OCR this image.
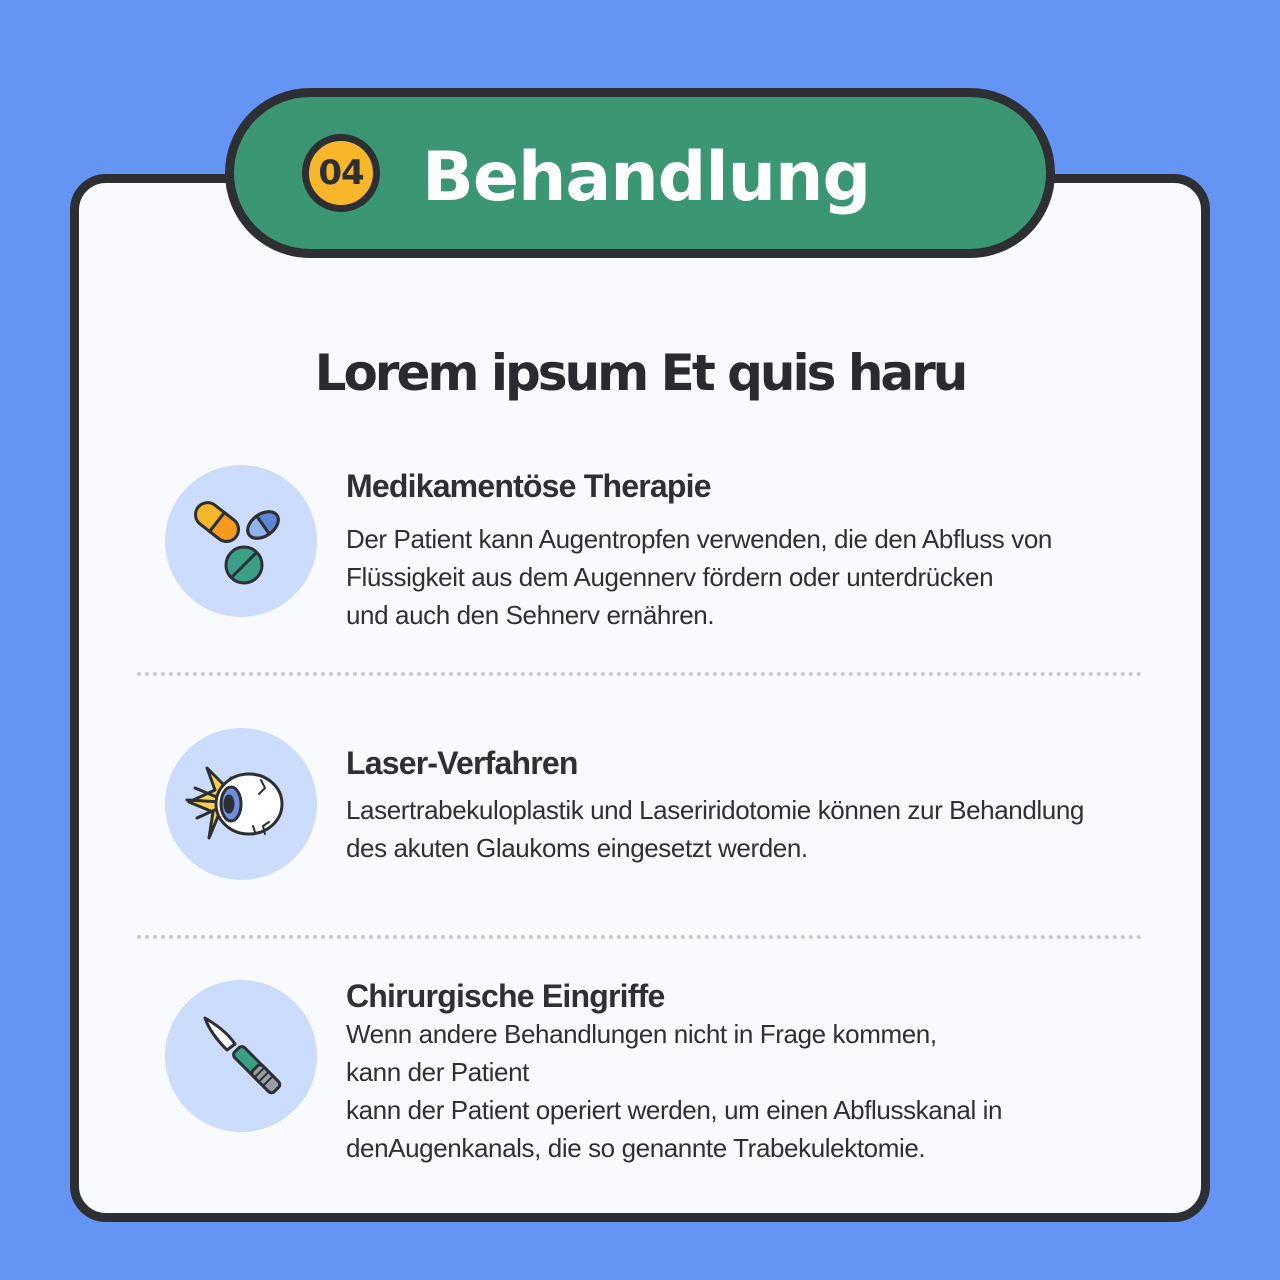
04 Behandlung
Lorem ipsum Et quis haru
Medikamentöse Therapie
Der Patient kann Augentropfen verwenden, die den Abfluss von
Flüssigkeit aus dem Augennerv fördern oder unterdrücken
und auch den Sehnerv ernähren.
Laser-Verfahren
Lasertrabekuloplastik und Laseriridotomie können zur Behandlung
des akuten Glaukoms eingesetzt werden.
Chirurgische Eingriffe
Wenn andere Behandlungen nicht in Frage kommen,
kann der Patient
kann der Patient operiert werden, um einen Abflusskanal in
denAugenkanals, die so genannte Trabekulektomie.
